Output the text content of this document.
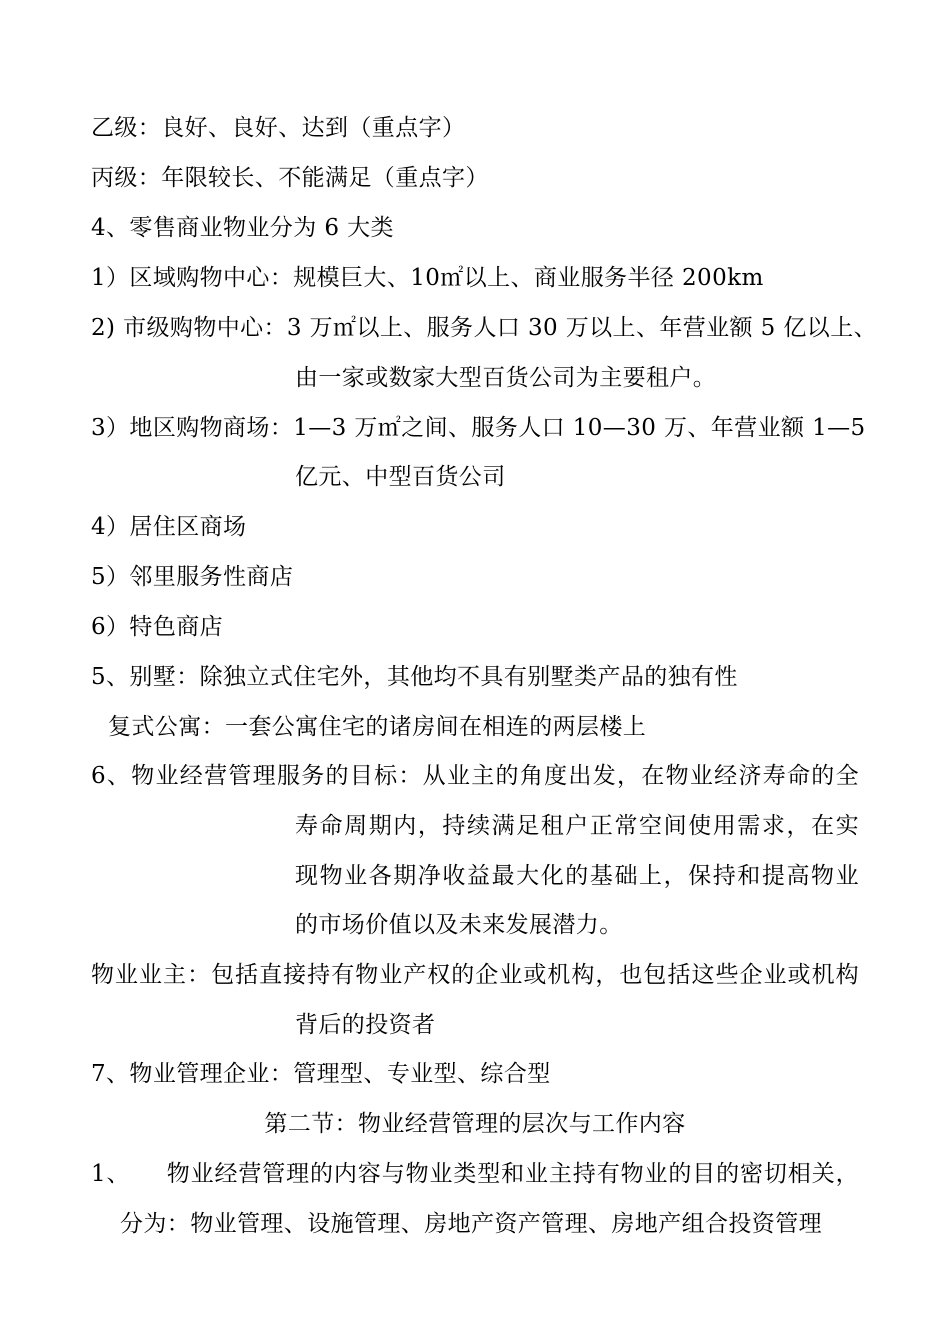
乙级：良好、良好、达到（重点字）
丙级：年限较长、不能满足（重点字）
4、零售商业物业分为 6 大类
1）区域购物中心：规模巨大、10㎡以上、商业服务半径 200km
2) 市级购物中心：3 万㎡以上、服务人口 30 万以上、年营业额 5 亿以上、
由一家或数家大型百货公司为主要租户。
3）地区购物商场：1—3 万㎡之间、服务人口 10—30 万、年营业额 1—5
亿元、中型百货公司
4）居住区商场
5）邻里服务性商店
6）特色商店
5、别墅：除独立式住宅外，其他均不具有别墅类产品的独有性
复式公寓：一套公寓住宅的诸房间在相连的两层楼上
6、物业经营管理服务的目标：从业主的角度出发，在物业经济寿命的全
寿命周期内，持续满足租户正常空间使用需求，在实
现物业各期净收益最大化的基础上，保持和提高物业
的市场价值以及未来发展潜力。
物业业主：包括直接持有物业产权的企业或机构，也包括这些企业或机构
背后的投资者
7、物业管理企业：管理型、专业型、综合型
第二节：物业经营管理的层次与工作内容
1、　　物业经营管理的内容与物业类型和业主持有物业的目的密切相关，
分为：物业管理、设施管理、房地产资产管理、房地产组合投资管理
